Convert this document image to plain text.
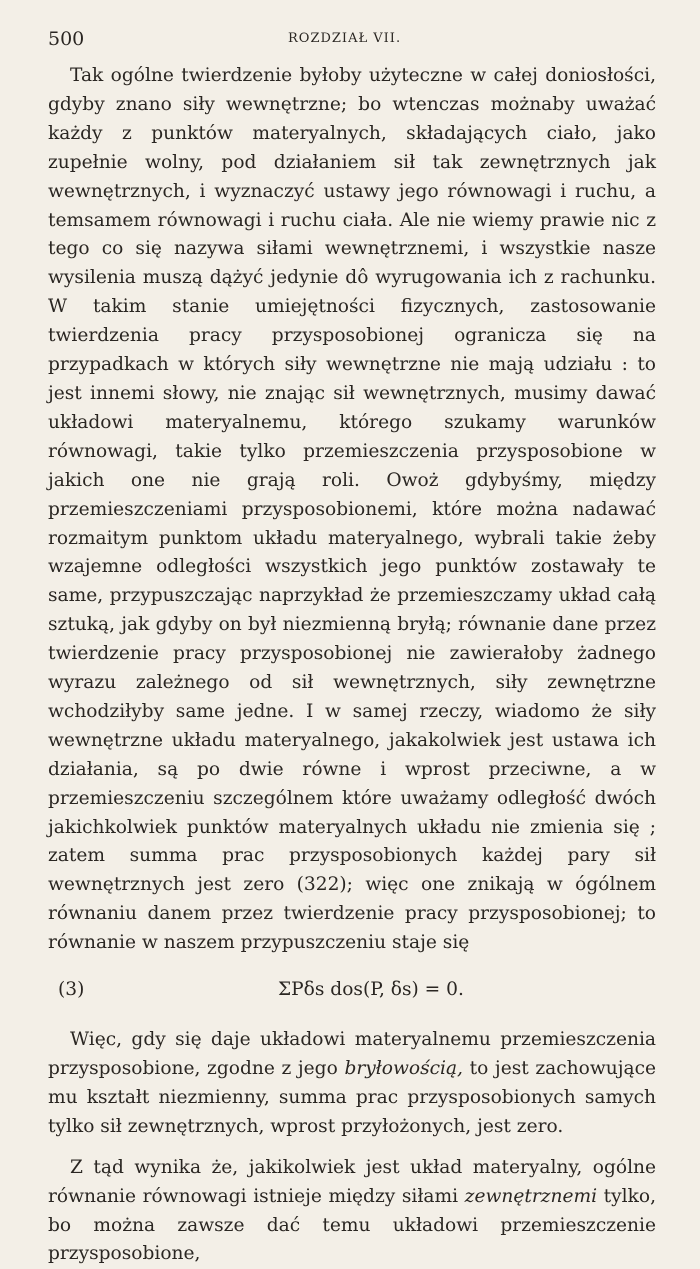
500	ROZDZIAŁ VII.

Tak ogólne twierdzenie byłoby użyteczne w całej doniosłości, gdyby znano siły wewnętrzne; bo wtenczas możnaby uważać każdy z punktów materyalnych, składających ciało, jako zupełnie wolny, pod działaniem sił tak zewnętrznych jak wewnętrznych, i wyznaczyć ustawy jego równowagi i ruchu, a temsamem równowagi i ruchu ciała. Ale nie wiemy prawie nic z tego co się nazywa siłami wewnętrznemi, i wszystkie nasze wysilenia muszą dążyć jedynie dô wyrugowania ich z rachunku. W takim stanie umiejętności fizycznych, zastosowanie twierdzenia pracy przysposobionej ogranicza się na przypadkach w których siły wewnętrzne nie mają udziału : to jest innemi słowy, nie znając sił wewnętrznych, musimy dawać układowi materyalnemu, którego szukamy warunków równowagi, takie tylko przemieszczenia przysposobione w jakich one nie grają roli. Owoż gdybyśmy, między przemieszczeniami przysposobionemi, które można nadawać rozmaitym punktom układu materyalnego, wybrali takie żeby wzajemne odległości wszystkich jego punktów zostawały te same, przypuszczając naprzykład że przemieszczamy układ całą sztuką, jak gdyby on był niezmienną bryłą; równanie dane przez twierdzenie pracy przysposobionej nie zawierałoby żadnego wyrazu zależnego od sił wewnętrznych, siły zewnętrzne wchodziłyby same jedne. I w samej rzeczy, wiadomo że siły wewnętrzne układu materyalnego, jakakolwiek jest ustawa ich działania, są po dwie równe i wprost przeciwne, a w przemieszczeniu szczególnem które uważamy odległość dwóch jakichkolwiek punktów materyalnych układu nie zmienia się ; zatem summa prac przysposobionych każdej pary sił wewnętrznych jest zero (322); więc one znikają w ógólnem równaniu danem przez twierdzenie pracy przysposobionej; to równanie w naszem przypuszczeniu staje się

(3)	ΣPδs dos(P, δs) = 0.

Więc, gdy się daje układowi materyalnemu przemieszczenia przysposobione, zgodne z jego bryłowością, to jest zachowujące mu kształt niezmienny, summa prac przysposobionych samych tylko sił zewnętrznych, wprost przyłożonych, jest zero.

Z tąd wynika że, jakikolwiek jest układ materyalny, ogólne równanie równowagi istnieje między siłami zewnętrznemi tylko, bo można zawsze dać temu układowi przemieszczenie przysposobione,
